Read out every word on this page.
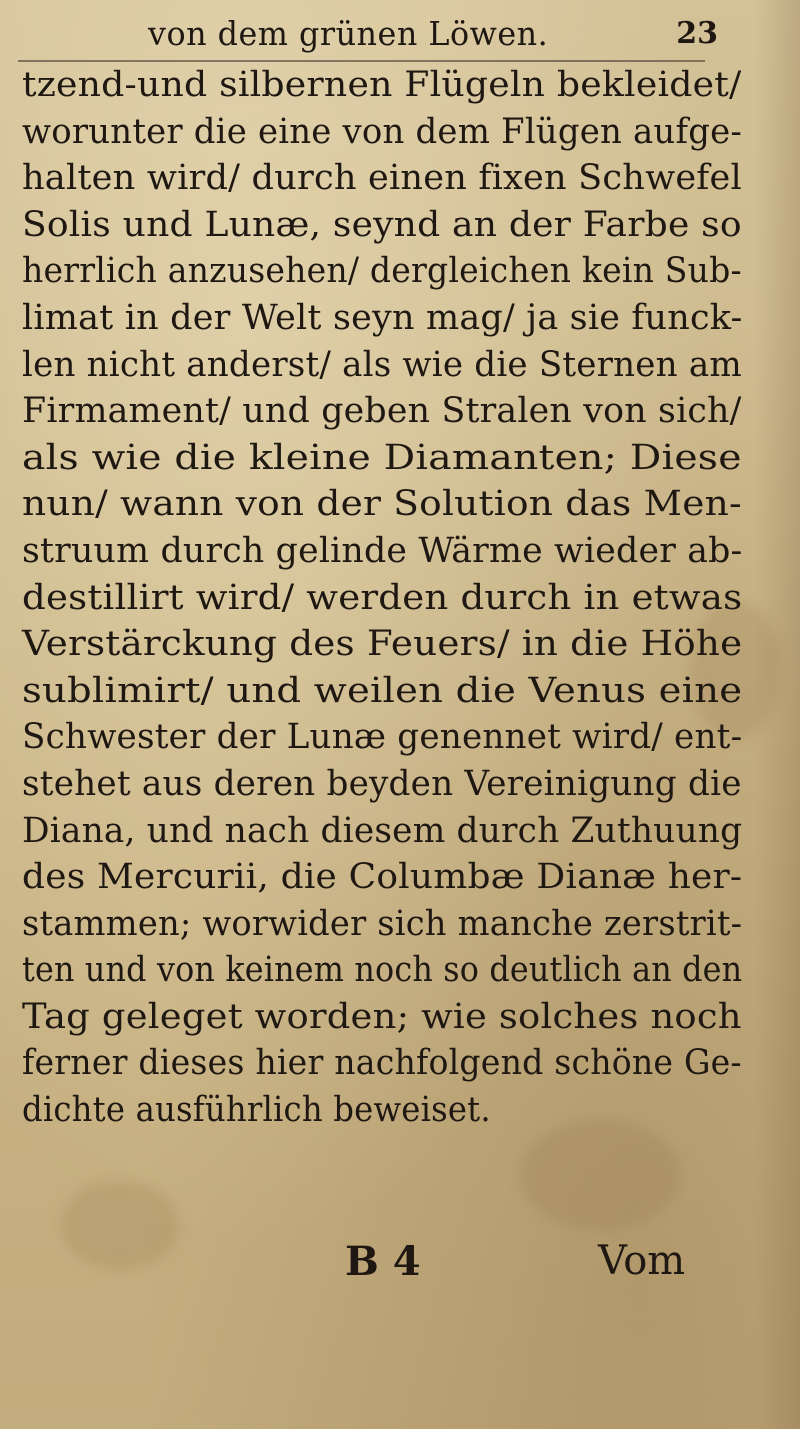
von dem grünen Löwen.	23
tzend-und silbernen Flügeln bekleidet/
worunter die eine von dem Flügen aufge-
halten wird/ durch einen fixen Schwefel
Solis und Lunæ, seynd an der Farbe so
herrlich anzusehen/ dergleichen kein Sub-
limat in der Welt seyn mag/ ja sie funck-
len nicht anderst/ als wie die Sternen am
Firmament/ und geben Stralen von sich/
als wie die kleine Diamanten; Diese
nun/ wann von der Solution das Men-
struum durch gelinde Wärme wieder ab-
destillirt wird/ werden durch in etwas
Verstärckung des Feuers/ in die Höhe
sublimirt/ und weilen die Venus eine
Schwester der Lunæ genennet wird/ ent-
stehet aus deren beyden Vereinigung die
Diana, und nach diesem durch Zuthuung
des Mercurii, die Columbæ Dianæ her-
stammen; worwider sich manche zerstrit-
ten und von keinem noch so deutlich an den
Tag geleget worden; wie solches noch
ferner dieses hier nachfolgend schöne Ge-
dichte ausführlich beweiset.
B 4	Vom
